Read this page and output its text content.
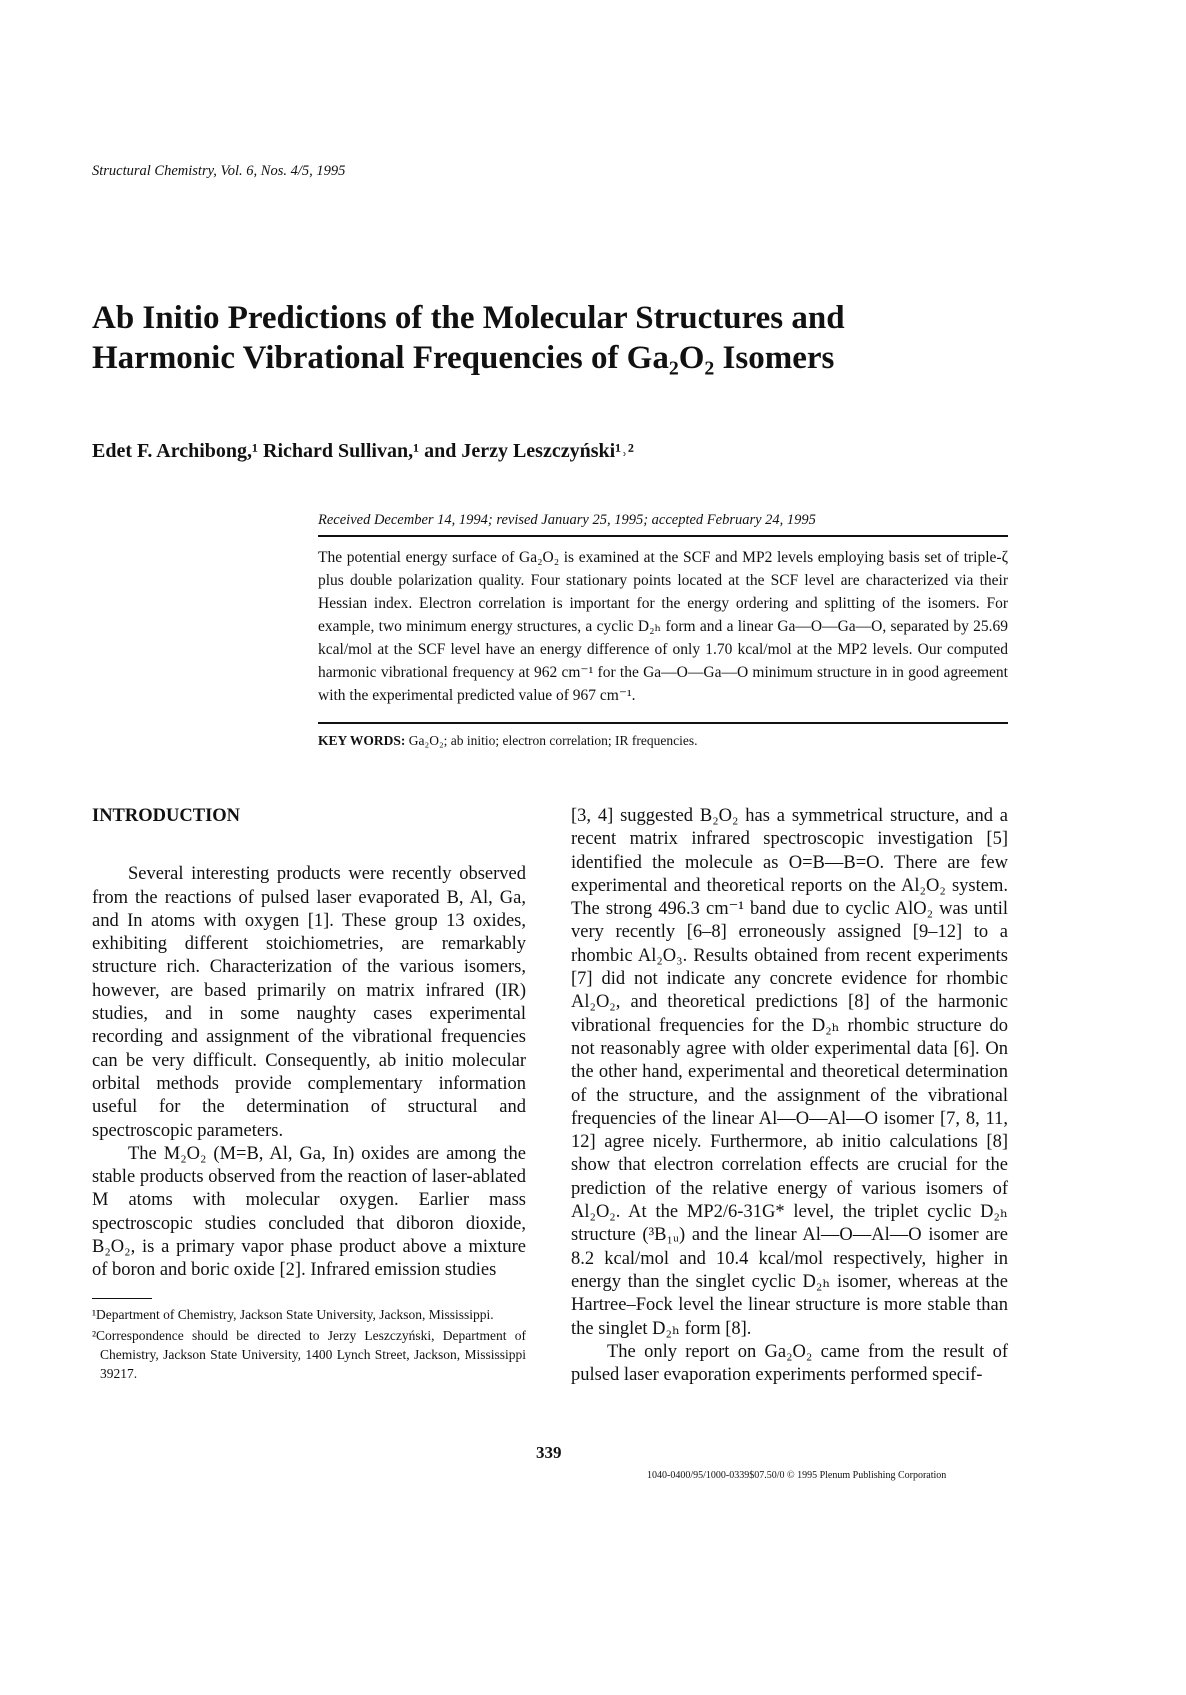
Structural Chemistry, Vol. 6, Nos. 4/5, 1995
Ab Initio Predictions of the Molecular Structures and
Harmonic Vibrational Frequencies of Ga₂O₂ Isomers
Edet F. Archibong,¹ Richard Sullivan,¹ and Jerzy Leszczyński¹˒²
Received December 14, 1994; revised January 25, 1995; accepted February 24, 1995
The potential energy surface of Ga₂O₂ is examined at the SCF and MP2 levels employing basis set of triple-ζ plus double polarization quality. Four stationary points located at the SCF level are characterized via their Hessian index. Electron correlation is important for the energy ordering and splitting of the isomers. For example, two minimum energy structures, a cyclic D₂ₕ form and a linear Ga—O—Ga—O, separated by 25.69 kcal/mol at the SCF level have an energy difference of only 1.70 kcal/mol at the MP2 levels. Our computed harmonic vibrational frequency at 962 cm⁻¹ for the Ga—O—Ga—O minimum structure in in good agreement with the experimental predicted value of 967 cm⁻¹.
KEY WORDS: Ga₂O₂; ab initio; electron correlation; IR frequencies.
INTRODUCTION

Several interesting products were recently observed from the reactions of pulsed laser evaporated B, Al, Ga, and In atoms with oxygen [1]. These group 13 oxides, exhibiting different stoichiometries, are remarkably structure rich. Characterization of the various isomers, however, are based primarily on matrix infrared (IR) studies, and in some naughty cases experimental recording and assignment of the vibrational frequencies can be very difficult. Consequently, ab initio molecular orbital methods provide complementary information useful for the determination of structural and spectroscopic parameters.

The M₂O₂ (M=B, Al, Ga, In) oxides are among the stable products observed from the reaction of laser-ablated M atoms with molecular oxygen. Earlier mass spectroscopic studies concluded that diboron dioxide, B₂O₂, is a primary vapor phase product above a mixture of boron and boric oxide [2]. Infrared emission studies

[3, 4] suggested B₂O₂ has a symmetrical structure, and a recent matrix infrared spectroscopic investigation [5] identified the molecule as O=B—B=O. There are few experimental and theoretical reports on the Al₂O₂ system. The strong 496.3 cm⁻¹ band due to cyclic AlO₂ was until very recently [6–8] erroneously assigned [9–12] to a rhombic Al₂O₃. Results obtained from recent experiments [7] did not indicate any concrete evidence for rhombic Al₂O₂, and theoretical predictions [8] of the harmonic vibrational frequencies for the D₂ₕ rhombic structure do not reasonably agree with older experimental data [6]. On the other hand, experimental and theoretical determination of the structure, and the assignment of the vibrational frequencies of the linear Al—O—Al—O isomer [7, 8, 11, 12] agree nicely. Furthermore, ab initio calculations [8] show that electron correlation effects are crucial for the prediction of the relative energy of various isomers of Al₂O₂. At the MP2/6-31G* level, the triplet cyclic D₂ₕ structure (³B₁ᵤ) and the linear Al—O—Al—O isomer are 8.2 kcal/mol and 10.4 kcal/mol respectively, higher in energy than the singlet cyclic D₂ₕ isomer, whereas at the Hartree–Fock level the linear structure is more stable than the singlet D₂ₕ form [8].

The only report on Ga₂O₂ came from the result of pulsed laser evaporation experiments performed specif-

¹Department of Chemistry, Jackson State University, Jackson, Mississippi.

²Correspondence should be directed to Jerzy Leszczyński, Department of Chemistry, Jackson State University, 1400 Lynch Street, Jackson, Mississippi 39217.

339
1040-0400/95/1000-0339$07.50/0 © 1995 Plenum Publishing Corporation
